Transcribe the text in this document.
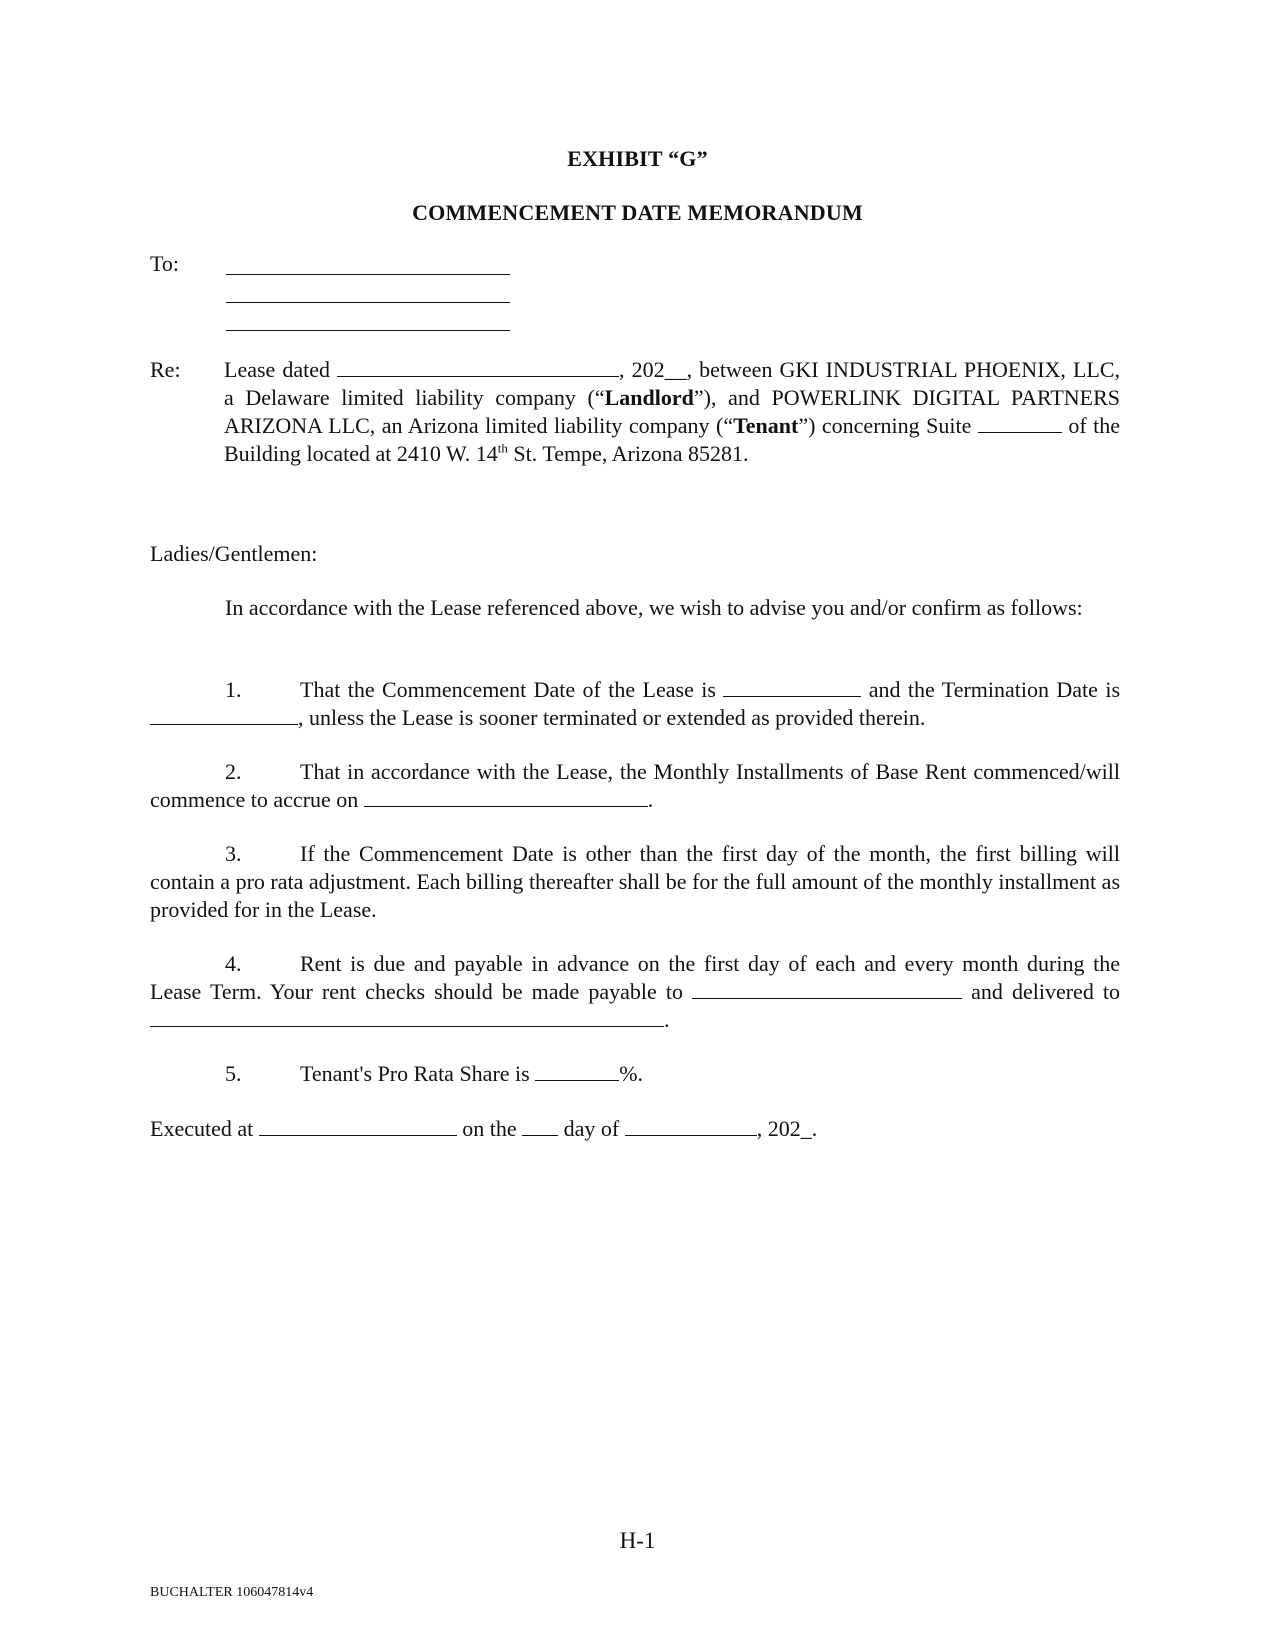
EXHIBIT “G”
COMMENCEMENT DATE MEMORANDUM
To:
Re: Lease dated	, 202__, between GKI INDUSTRIAL PHOENIX, LLC, a Delaware limited liability company (“Landlord”), and POWERLINK DIGITAL PARTNERS ARIZONA LLC, an Arizona limited liability company (“Tenant”) concerning Suite	of the Building located at 2410 W. 14th St. Tempe, Arizona 85281.
Ladies/Gentlemen:
In accordance with the Lease referenced above, we wish to advise you and/or confirm as follows:
1.	That the Commencement Date of the Lease is	and the Termination Date is , unless the Lease is sooner terminated or extended as provided therein.
2.	That in accordance with the Lease, the Monthly Installments of Base Rent commenced/will commence to accrue on	.
3.	If the Commencement Date is other than the first day of the month, the first billing will contain a pro rata adjustment. Each billing thereafter shall be for the full amount of the monthly installment as provided for in the Lease.
4.	Rent is due and payable in advance on the first day of each and every month during the Lease Term. Your rent checks should be made payable to	and delivered to .
5.	Tenant's Pro Rata Share is	%.
Executed at	on the day of	, 202_.
H-1
BUCHALTER 106047814v4
